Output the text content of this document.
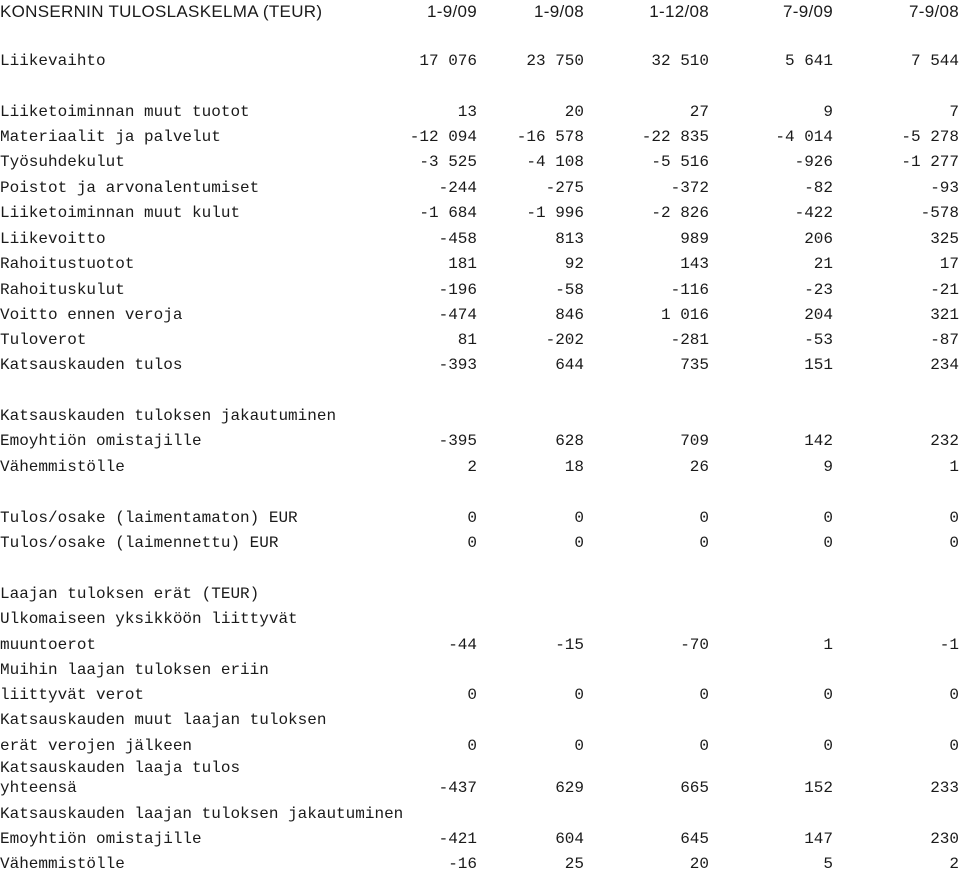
KONSERNIN TULOSLASKELMA (TEUR)	1-9/09	1-9/08	1-12/08	7-9/09	7-9/08
Liikevaihto	17 076	23 750	32 510	5 641	7 544
Liiketoiminnan muut tuotot	13	20	27	9	7
Materiaalit ja palvelut	-12 094	-16 578	-22 835	-4 014	-5 278
Työsuhdekulut	-3 525	-4 108	-5 516	-926	-1 277
Poistot ja arvonalentumiset	-244	-275	-372	-82	-93
Liiketoiminnan muut kulut	-1 684	-1 996	-2 826	-422	-578
Liikevoitto	-458	813	989	206	325
Rahoitustuotot	181	92	143	21	17
Rahoituskulut	-196	-58	-116	-23	-21
Voitto ennen veroja	-474	846	1 016	204	321
Tuloverot	81	-202	-281	-53	-87
Katsauskauden tulos	-393	644	735	151	234
Katsauskauden tuloksen jakautuminen
Emoyhtiön omistajille	-395	628	709	142	232
Vähemmistölle	2	18	26	9	1
Tulos/osake (laimentamaton) EUR	0	0	0	0	0
Tulos/osake (laimennettu) EUR	0	0	0	0	0
Laajan tuloksen erät (TEUR)
Ulkomaiseen yksikköön liittyvät
muuntoerot	-44	-15	-70	1	-1
Muihin laajan tuloksen eriin
liittyvät verot	0	0	0	0	0
Katsauskauden muut laajan tuloksen
erät verojen jälkeen	0	0	0	0	0
Katsauskauden laaja tulos
yhteensä	-437	629	665	152	233
Katsauskauden laajan tuloksen jakautuminen
Emoyhtiön omistajille	-421	604	645	147	230
Vähemmistölle	-16	25	20	5	2
